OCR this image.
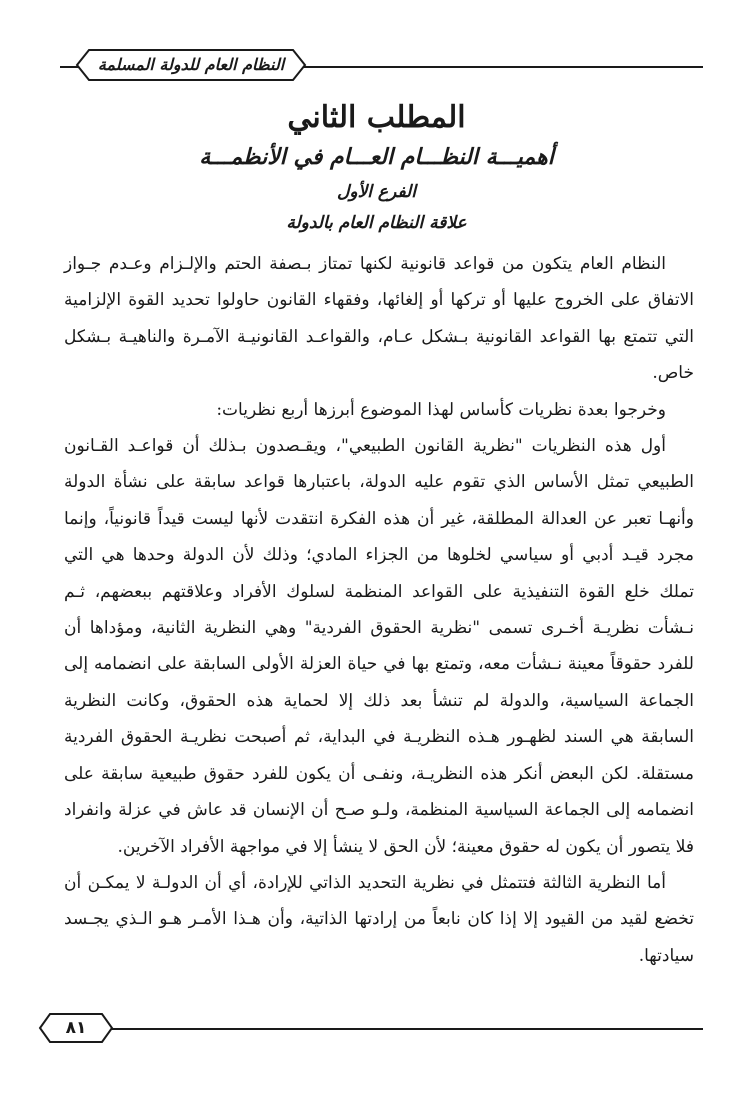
النظام العام للدولة المسلمة
المطلب الثاني
أهميـــة النظـــام العـــام في الأنظمـــة
الفرع الأول
علاقة النظام العام بالدولة

النظام العام يتكون من قواعد قانونية لكنها تمتاز بـصفة الحتم والإلـزام وعـدم جـواز الاتفاق على الخروج عليها أو تركها أو إلغائها، وفقهاء القانون حاولوا تحديد القوة الإلزامية التي تتمتع بها القواعد القانونية بـشكل عـام، والقواعـد القانونيـة الآمـرة والناهيـة بـشكل خاص.

وخرجوا بعدة نظريات كأساس لهذا الموضوع أبرزها أربع نظريات:

أول هذه النظريات "نظرية القانون الطبيعي"، ويقـصدون بـذلك أن قواعـد القـانون الطبيعي تمثل الأساس الذي تقوم عليه الدولة، باعتبارها قواعد سابقة على نشأة الدولة وأنهـا تعبر عن العدالة المطلقة، غير أن هذه الفكرة انتقدت لأنها ليست قيداً قانونياً، وإنما مجرد قيـد أدبي أو سياسي لخلوها من الجزاء المادي؛ وذلك لأن الدولة وحدها هي التي تملك خلع القوة التنفيذية على القواعد المنظمة لسلوك الأفراد وعلاقتهم ببعضهم، ثـم نـشأت نظريـة أخـرى تسمى "نظرية الحقوق الفردية" وهي النظرية الثانية، ومؤداها أن للفرد حقوقاً معينة نـشأت معه، وتمتع بها في حياة العزلة الأولى السابقة على انضمامه إلى الجماعة السياسية، والدولة لم تنشأ بعد ذلك إلا لحماية هذه الحقوق، وكانت النظرية السابقة هي السند لظهـور هـذه النظريـة في البداية، ثم أصبحت نظريـة الحقوق الفردية مستقلة. لكن البعض أنكر هذه النظريـة، ونفـى أن يكون للفرد حقوق طبيعية سابقة على انضمامه إلى الجماعة السياسية المنظمة، ولـو صـح أن الإنسان قد عاش في عزلة وانفراد فلا يتصور أن يكون له حقوق معينة؛ لأن الحق لا ينشأ إلا في مواجهة الأفراد الآخرين.

أما النظرية الثالثة فتتمثل في نظرية التحديد الذاتي للإرادة، أي أن الدولـة لا يمكـن أن تخضع لقيد من القيود إلا إذا كان نابعاً من إرادتها الذاتية، وأن هـذا الأمـر هـو الـذي يجـسد سيادتها.

٨١
